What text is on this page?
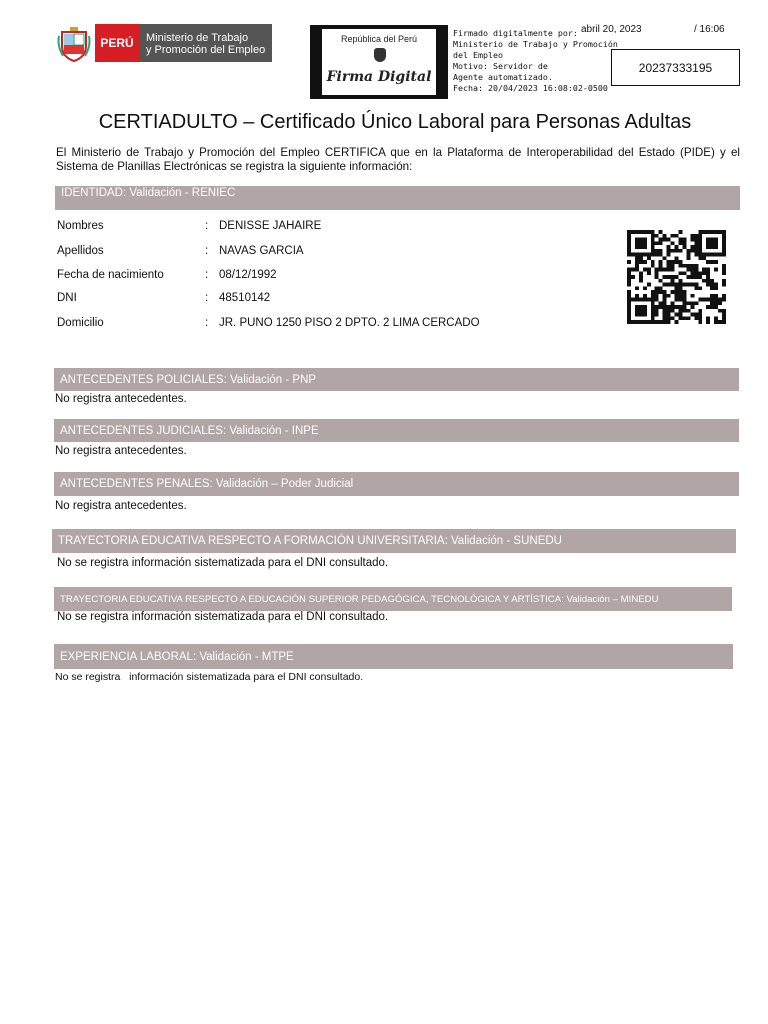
PERÚ	Ministerio de Trabajo
y Promoción del Empleo
República del Perú
Firma Digital
Firmado digitalmente por:
Ministerio de Trabajo y Promoción
del Empleo
Motivo: Servidor de
Agente automatizado.
Fecha: 20/04/2023 16:08:02-0500
abril 20, 2023	/ 16:06
20237333195
CERTIADULTO – Certificado Único Laboral para Personas Adultas
El Ministerio de Trabajo y Promoción del Empleo CERTIFICA que en la Plataforma de Interoperabilidad del Estado (PIDE) y el Sistema de Planillas Electrónicas se registra la siguiente información:
IDENTIDAD: Validación - RENIEC
Nombres	: DENISSE JAHAIRE
Apellidos	: NAVAS GARCIA
Fecha de nacimiento	: 08/12/1992
DNI	: 48510142
Domicilio	: JR. PUNO 1250 PISO 2 DPTO. 2 LIMA CERCADO
ANTECEDENTES POLICIALES: Validación - PNP
No registra antecedentes.
ANTECEDENTES JUDICIALES: Validación - INPE
No registra antecedentes.
ANTECEDENTES PENALES: Validación – Poder Judicial
No registra antecedentes.
TRAYECTORIA EDUCATIVA RESPECTO A FORMACIÓN UNIVERSITARIA: Validación - SUNEDU
No se registra información sistematizada para el DNI consultado.
TRAYECTORIA EDUCATIVA RESPECTO A EDUCACIÓN SUPERIOR PEDAGÓGICA, TECNOLÓGICA Y ARTÍSTICA: Validación – MINEDU
No se registra información sistematizada para el DNI consultado.
EXPERIENCIA LABORAL: Validación - MTPE
No se registra   información sistematizada para el DNI consultado.
